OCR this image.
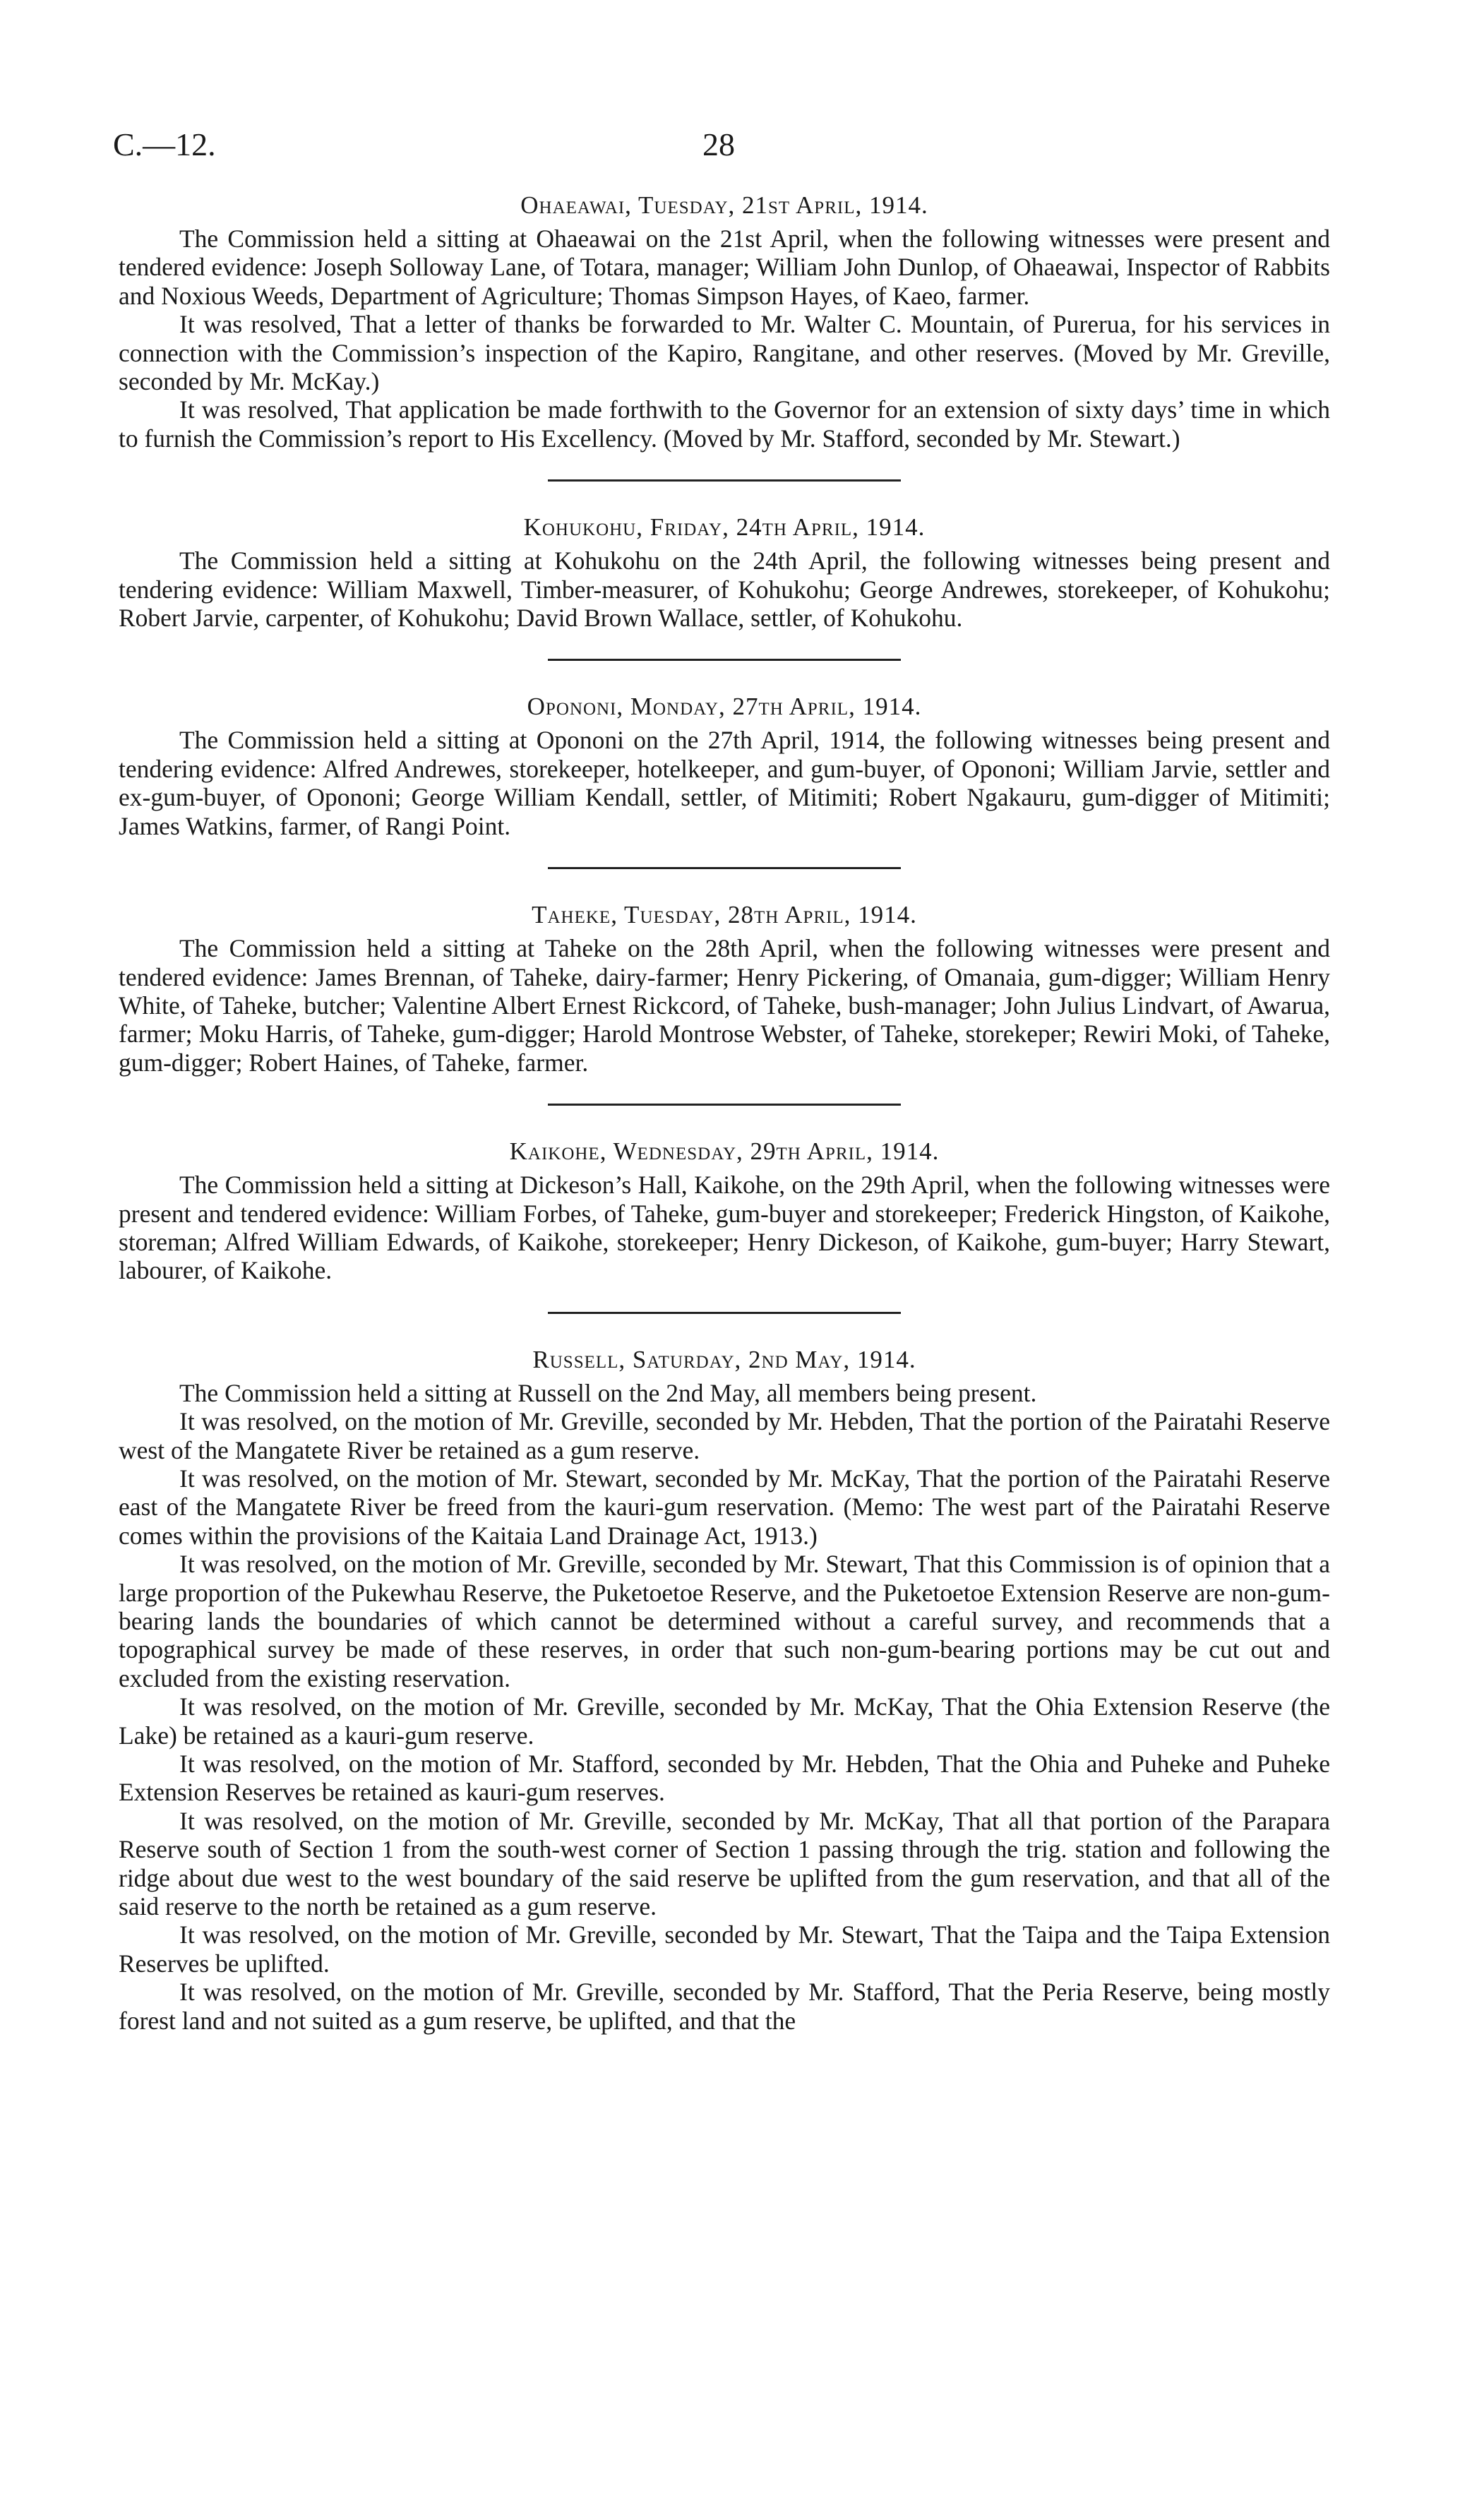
C.—12.	28
Ohaeawai, Tuesday, 21st April, 1914.

The Commission held a sitting at Ohaeawai on the 21st April, when the following witnesses were present and tendered evidence: Joseph Solloway Lane, of Totara, manager; William John Dunlop, of Ohaeawai, Inspector of Rabbits and Noxious Weeds, Department of Agriculture; Thomas Simpson Hayes, of Kaeo, farmer.

It was resolved, That a letter of thanks be forwarded to Mr. Walter C. Mountain, of Purerua, for his services in connection with the Commission’s inspection of the Kapiro, Rangitane, and other reserves. (Moved by Mr. Greville, seconded by Mr. McKay.)

It was resolved, That application be made forthwith to the Governor for an extension of sixty days’ time in which to furnish the Commission’s report to His Excellency. (Moved by Mr. Stafford, seconded by Mr. Stewart.)

Kohukohu, Friday, 24th April, 1914.

The Commission held a sitting at Kohukohu on the 24th April, the following witnesses being present and tendering evidence: William Maxwell, Timber-measurer, of Kohukohu; George Andrewes, storekeeper, of Kohukohu; Robert Jarvie, carpenter, of Kohukohu; David Brown Wallace, settler, of Kohukohu.

Opononi, Monday, 27th April, 1914.

The Commission held a sitting at Opononi on the 27th April, 1914, the following witnesses being present and tendering evidence: Alfred Andrewes, storekeeper, hotelkeeper, and gum-buyer, of Opononi; William Jarvie, settler and ex-gum-buyer, of Opononi; George William Kendall, settler, of Mitimiti; Robert Ngakauru, gum-digger of Mitimiti; James Watkins, farmer, of Rangi Point.

Taheke, Tuesday, 28th April, 1914.

The Commission held a sitting at Taheke on the 28th April, when the following witnesses were present and tendered evidence: James Brennan, of Taheke, dairy-farmer; Henry Pickering, of Omanaia, gum-digger; William Henry White, of Taheke, butcher; Valentine Albert Ernest Rickcord, of Taheke, bush-manager; John Julius Lindvart, of Awarua, farmer; Moku Harris, of Taheke, gum-digger; Harold Montrose Webster, of Taheke, storekeper; Rewiri Moki, of Taheke, gum-digger; Robert Haines, of Taheke, farmer.

Kaikohe, Wednesday, 29th April, 1914.

The Commission held a sitting at Dickeson’s Hall, Kaikohe, on the 29th April, when the following witnesses were present and tendered evidence: William Forbes, of Taheke, gum-buyer and storekeeper; Frederick Hingston, of Kaikohe, storeman; Alfred William Edwards, of Kaikohe, storekeeper; Henry Dickeson, of Kaikohe, gum-buyer; Harry Stewart, labourer, of Kaikohe.

Russell, Saturday, 2nd May, 1914.

The Commission held a sitting at Russell on the 2nd May, all members being present.

It was resolved, on the motion of Mr. Greville, seconded by Mr. Hebden, That the portion of the Pairatahi Reserve west of the Mangatete River be retained as a gum reserve.

It was resolved, on the motion of Mr. Stewart, seconded by Mr. McKay, That the portion of the Pairatahi Reserve east of the Mangatete River be freed from the kauri-gum reservation. (Memo: The west part of the Pairatahi Reserve comes within the provisions of the Kaitaia Land Drainage Act, 1913.)

It was resolved, on the motion of Mr. Greville, seconded by Mr. Stewart, That this Commission is of opinion that a large proportion of the Pukewhau Reserve, the Puketoetoe Reserve, and the Puketoetoe Extension Reserve are non-gum-bearing lands the boundaries of which cannot be determined without a careful survey, and recommends that a topographical survey be made of these reserves, in order that such non-gum-bearing portions may be cut out and excluded from the existing reservation.

It was resolved, on the motion of Mr. Greville, seconded by Mr. McKay, That the Ohia Extension Reserve (the Lake) be retained as a kauri-gum reserve.

It was resolved, on the motion of Mr. Stafford, seconded by Mr. Hebden, That the Ohia and Puheke and Puheke Extension Reserves be retained as kauri-gum reserves.

It was resolved, on the motion of Mr. Greville, seconded by Mr. McKay, That all that portion of the Parapara Reserve south of Section 1 from the south-west corner of Section 1 passing through the trig. station and following the ridge about due west to the west boundary of the said reserve be uplifted from the gum reservation, and that all of the said reserve to the north be retained as a gum reserve.

It was resolved, on the motion of Mr. Greville, seconded by Mr. Stewart, That the Taipa and the Taipa Extension Reserves be uplifted.

It was resolved, on the motion of Mr. Greville, seconded by Mr. Stafford, That the Peria Reserve, being mostly forest land and not suited as a gum reserve, be uplifted, and that the
